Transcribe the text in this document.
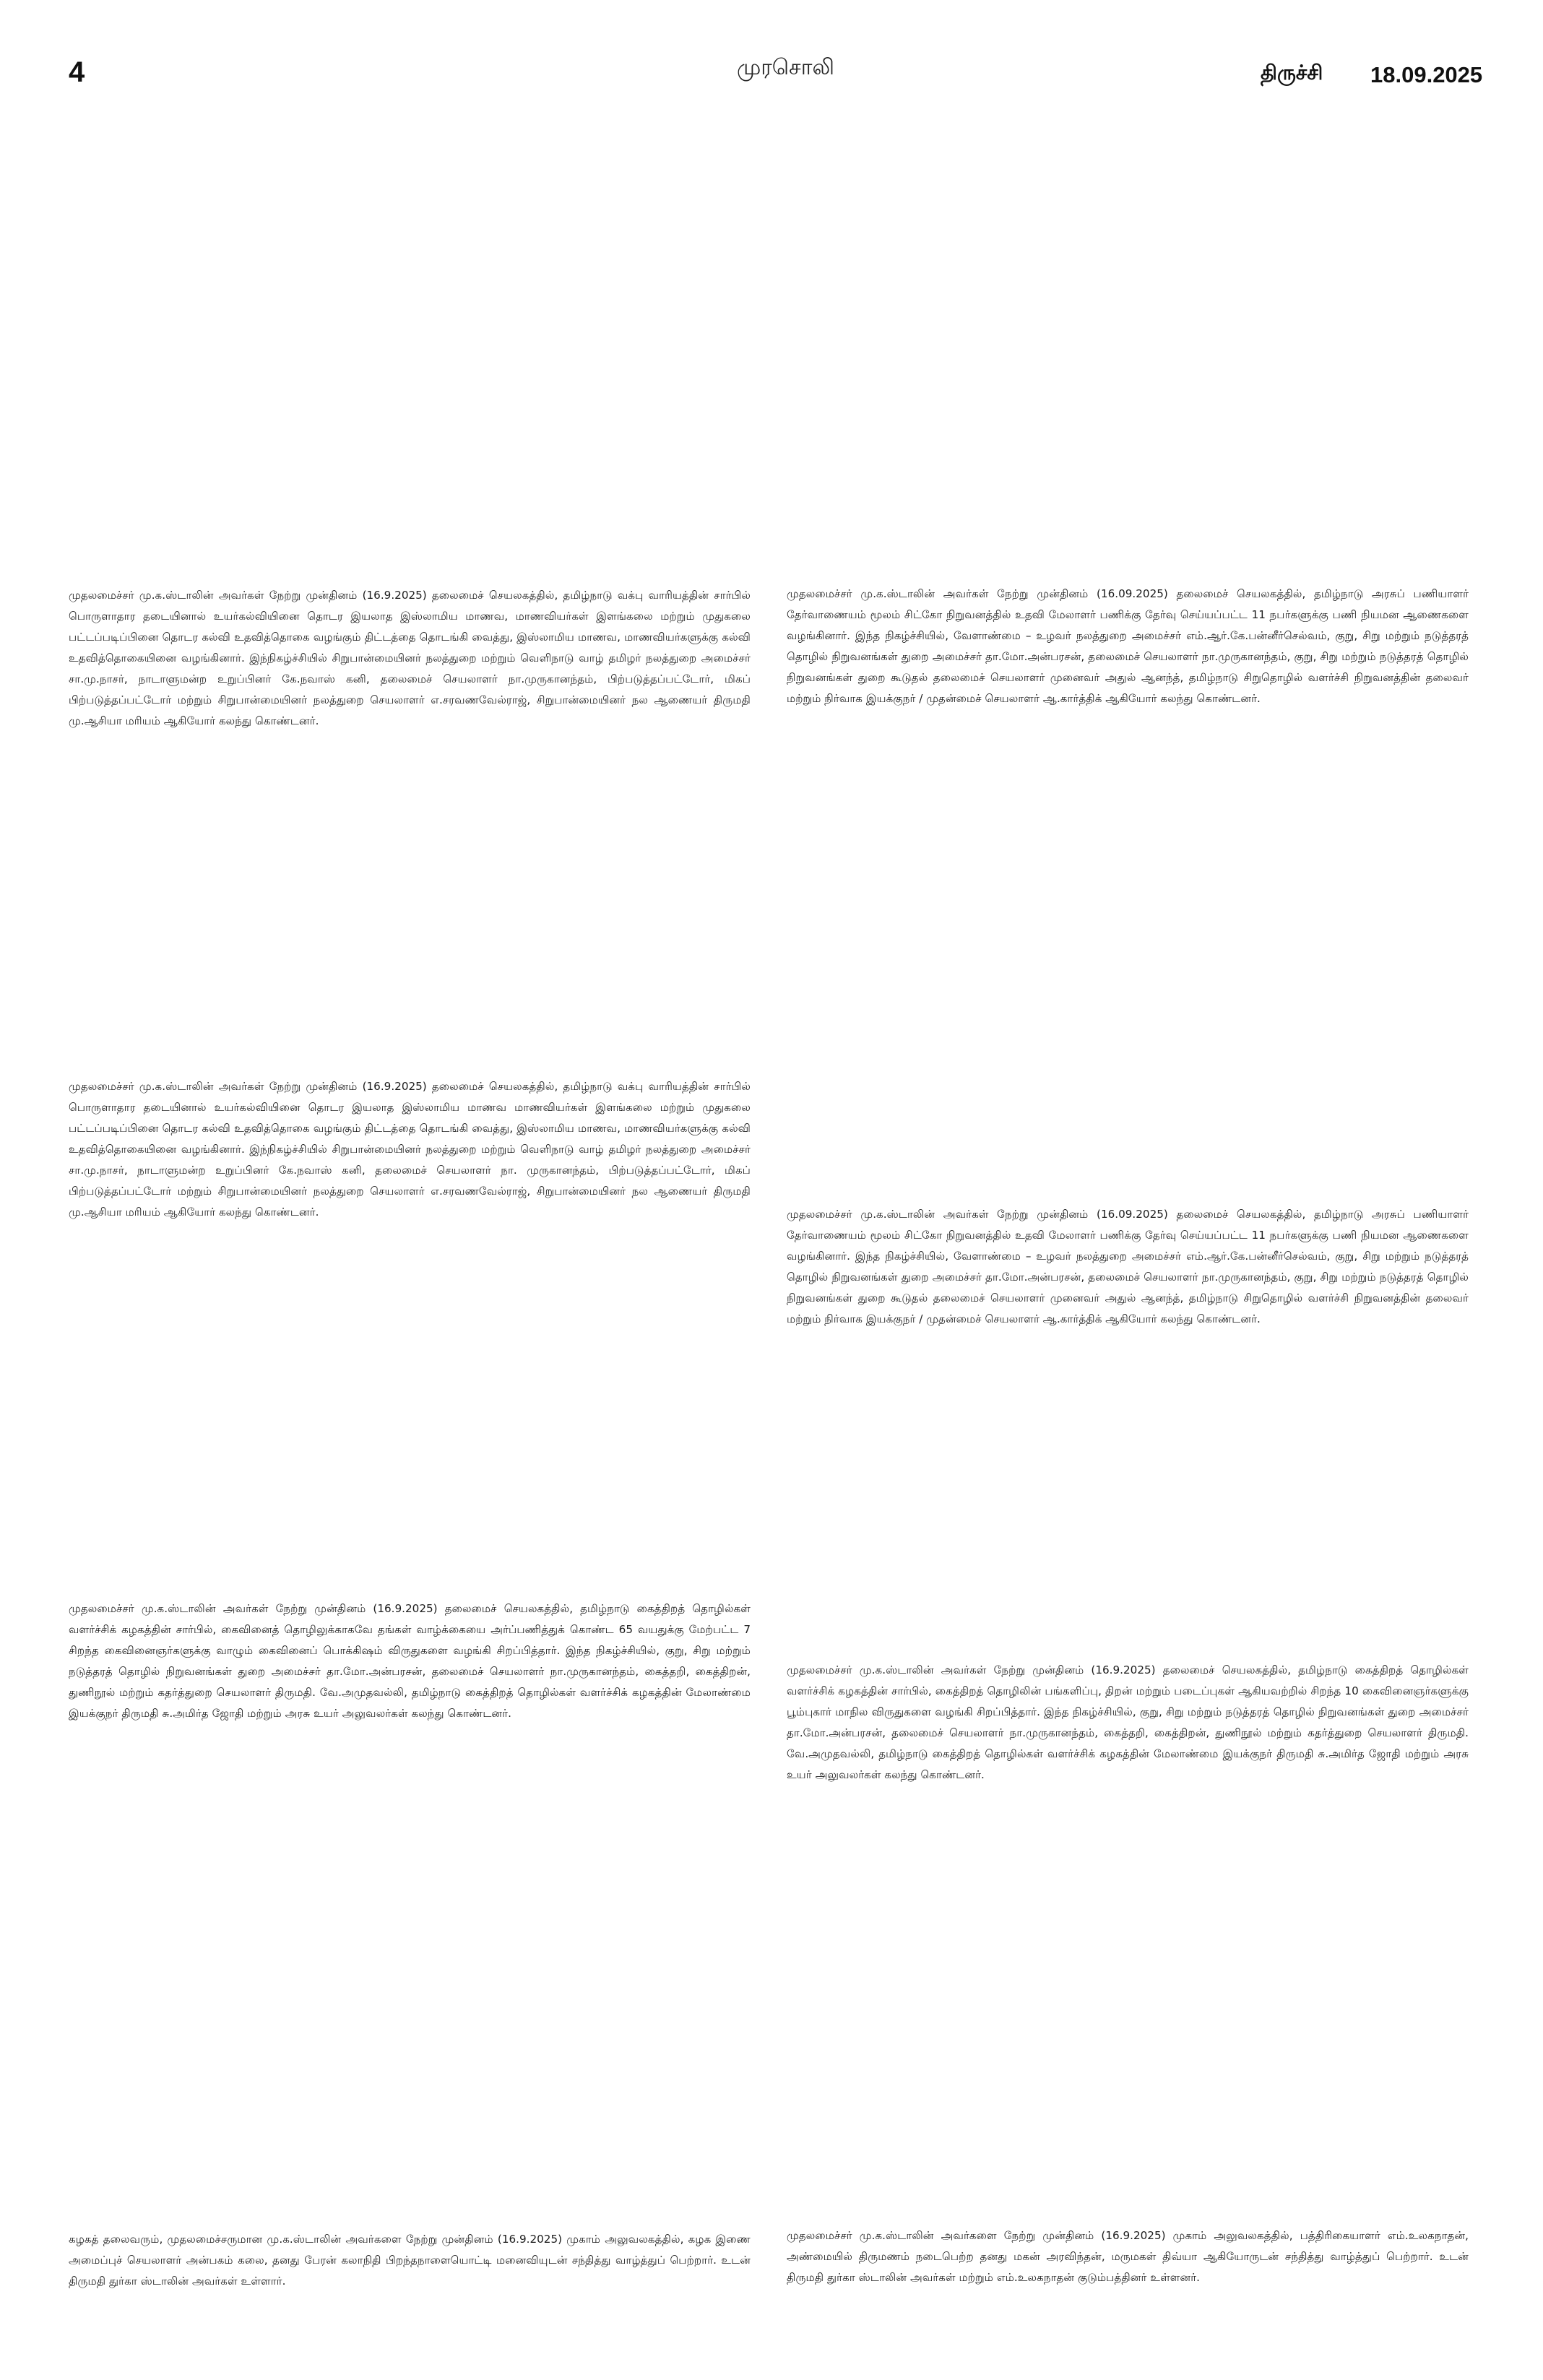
4	முரசொலி	திருச்சி 18.09.2025
முதலமைச்சர் மு.க.ஸ்டாலின் அவர்கள் நேற்று முன்தினம் (16.9.2025) தலைமைச் செயலகத்தில், தமிழ்நாடு வக்பு வாரியத்தின் சார்பில் பொருளாதார தடையினால் உயர்கல்வியினை தொடர இயலாத இஸ்லாமிய மாணவ, மாணவியர்கள் இளங்கலை மற்றும் முதுகலை பட்டப்படிப்பினை தொடர கல்வி உதவித்தொகை வழங்கும் திட்டத்தை தொடங்கி வைத்து, இஸ்லாமிய மாணவ, மாணவியர்களுக்கு கல்வி உதவித்தொகையினை வழங்கினார். இந்நிகழ்ச்சியில் சிறுபான்மையினர் நலத்துறை மற்றும் வெளிநாடு வாழ் தமிழர் நலத்துறை அமைச்சர் சா.மு.நாசர், நாடாளுமன்ற உறுப்பினர் கே.நவாஸ் கனி, தலைமைச் செயலாளர் நா.முருகானந்தம், பிற்படுத்தப்பட்டோர், மிகப் பிற்படுத்தப்பட்டோர் மற்றும் சிறுபான்மையினர் நலத்துறை செயலாளர் எ.சரவணவேல்ராஜ், சிறுபான்மையினர் நல ஆணையர் திருமதி மு.ஆசியா மரியம் ஆகியோர் கலந்து கொண்டனர்.
முதலமைச்சர் மு.க.ஸ்டாலின் அவர்கள் நேற்று முன்தினம் (16.09.2025) தலைமைச் செயலகத்தில், தமிழ்நாடு அரசுப் பணியாளர் தேர்வாணையம் மூலம் சிட்கோ நிறுவனத்தில் உதவி மேலாளர் பணிக்கு தேர்வு செய்யப்பட்ட 11 நபர்களுக்கு பணி நியமன ஆணைகளை வழங்கினார். இந்த நிகழ்ச்சியில், வேளாண்மை – உழவர் நலத்துறை அமைச்சர் எம்.ஆர்.கே.பன்னீர்செல்வம், குறு, சிறு மற்றும் நடுத்தரத் தொழில் நிறுவனங்கள் துறை அமைச்சர் தா.மோ.அன்பரசன், தலைமைச் செயலாளர் நா.முருகானந்தம், குறு, சிறு மற்றும் நடுத்தரத் தொழில் நிறுவனங்கள் துறை கூடுதல் தலைமைச் செயலாளர் முனைவர் அதுல் ஆனந்த், தமிழ்நாடு சிறுதொழில் வளர்ச்சி நிறுவனத்தின் தலைவர் மற்றும் நிர்வாக இயக்குநர் / முதன்மைச் செயலாளர் ஆ.கார்த்திக் ஆகியோர் கலந்து கொண்டனர்.
முதலமைச்சர் மு.க.ஸ்டாலின் அவர்கள் நேற்று முன்தினம் (16.9.2025) தலைமைச் செயலகத்தில், தமிழ்நாடு வக்பு வாரியத்தின் சார்பில் பொருளாதார தடையினால் உயர்கல்வியினை தொடர இயலாத இஸ்லாமிய மாணவ மாணவியர்கள் இளங்கலை மற்றும் முதுகலை பட்டப்படிப்பினை தொடர கல்வி உதவித்தொகை வழங்கும் திட்டத்தை தொடங்கி வைத்து, இஸ்லாமிய மாணவ, மாணவியர்களுக்கு கல்வி உதவித்தொகையினை வழங்கினார். இந்நிகழ்ச்சியில் சிறுபான்மையினர் நலத்துறை மற்றும் வெளிநாடு வாழ் தமிழர் நலத்துறை அமைச்சர் சா.மு.நாசர், நாடாளுமன்ற உறுப்பினர் கே.நவாஸ் கனி, தலைமைச் செயலாளர் நா. முருகானந்தம், பிற்படுத்தப்பட்டோர், மிகப் பிற்படுத்தப்பட்டோர் மற்றும் சிறுபான்மையினர் நலத்துறை செயலாளர் எ.சரவணவேல்ராஜ், சிறுபான்மையினர் நல ஆணையர் திருமதி மு.ஆசியா மரியம் ஆகியோர் கலந்து கொண்டனர்.	முதலமைச்சர் மு.க.ஸ்டாலின் அவர்கள் நேற்று முன்தினம் (16.09.2025) தலைமைச் செயலகத்தில், தமிழ்நாடு அரசுப் பணியாளர் தேர்வாணையம் மூலம் சிட்கோ நிறுவனத்தில் உதவி மேலாளர் பணிக்கு தேர்வு செய்யப்பட்ட 11 நபர்களுக்கு பணி நியமன ஆணைகளை வழங்கினார். இந்த நிகழ்ச்சியில், வேளாண்மை – உழவர் நலத்துறை அமைச்சர் எம்.ஆர்.கே.பன்னீர்செல்வம், குறு, சிறு மற்றும் நடுத்தரத் தொழில் நிறுவனங்கள் துறை அமைச்சர் தா.மோ.அன்பரசன், தலைமைச் செயலாளர் நா.முருகானந்தம், குறு, சிறு மற்றும் நடுத்தரத் தொழில் நிறுவனங்கள் துறை கூடுதல் தலைமைச் செயலாளர் முனைவர் அதுல் ஆனந்த், தமிழ்நாடு சிறுதொழில் வளர்ச்சி நிறுவனத்தின் தலைவர் மற்றும் நிர்வாக இயக்குநர் / முதன்மைச் செயலாளர் ஆ.கார்த்திக் ஆகியோர் கலந்து கொண்டனர்.
முதலமைச்சர் மு.க.ஸ்டாலின் அவர்கள் நேற்று முன்தினம் (16.9.2025) தலைமைச் செயலகத்தில், தமிழ்நாடு கைத்திறத் தொழில்கள் வளர்ச்சிக் கழகத்தின் சார்பில், கைவினைத் தொழிலுக்காகவே தங்கள் வாழ்க்கையை அர்ப்பணித்துக் கொண்ட 65 வயதுக்கு மேற்பட்ட 7 சிறந்த கைவினைஞர்களுக்கு வாழும் கைவினைப் பொக்கிஷம் விருதுகளை வழங்கி சிறப்பித்தார். இந்த நிகழ்ச்சியில், குறு, சிறு மற்றும் நடுத்தரத் தொழில் நிறுவனங்கள் துறை அமைச்சர் தா.மோ.அன்பரசன், தலைமைச் செயலாளர் நா.முருகானந்தம், கைத்தறி, கைத்திறன், துணிநூல் மற்றும் கதர்த்துறை செயலாளர் திருமதி. வே.அமுதவல்லி, தமிழ்நாடு கைத்திறத் தொழில்கள் வளர்ச்சிக் கழகத்தின் மேலாண்மை இயக்குநர் திருமதி சு.அமிர்த ஜோதி மற்றும் அரசு உயர் அலுவலர்கள் கலந்து கொண்டனர்.
முதலமைச்சர் மு.க.ஸ்டாலின் அவர்கள் நேற்று முன்தினம் (16.9.2025) தலைமைச் செயலகத்தில், தமிழ்நாடு கைத்திறத் தொழில்கள் வளர்ச்சிக் கழகத்தின் சார்பில், கைத்திறத் தொழிலின் பங்களிப்பு, திறன் மற்றும் படைப்புகள் ஆகியவற்றில் சிறந்த 10 கைவினைஞர்களுக்கு பூம்புகார் மாநில விருதுகளை வழங்கி சிறப்பித்தார். இந்த நிகழ்ச்சியில், குறு, சிறு மற்றும் நடுத்தரத் தொழில் நிறுவனங்கள் துறை அமைச்சர் தா.மோ.அன்பரசன், தலைமைச் செயலாளர் நா.முருகானந்தம், கைத்தறி, கைத்திறன், துணிநூல் மற்றும் கதர்த்துறை செயலாளர் திருமதி. வே.அமுதவல்லி, தமிழ்நாடு கைத்திறத் தொழில்கள் வளர்ச்சிக் கழகத்தின் மேலாண்மை இயக்குநர் திருமதி சு.அமிர்த ஜோதி மற்றும் அரசு உயர் அலுவலர்கள் கலந்து கொண்டனர்.
கழகத் தலைவரும், முதலமைச்சருமான மு.க.ஸ்டாலின் அவர்களை நேற்று முன்தினம் (16.9.2025) முகாம் அலுவலகத்தில், கழக இணை அமைப்புச் செயலாளர் அன்பகம் கலை, தனது பேரன் கலாநிதி பிறந்தநாளையொட்டி மனைவியுடன் சந்தித்து வாழ்த்துப் பெற்றார். உடன் திருமதி துர்கா ஸ்டாலின் அவர்கள் உள்ளார்.
முதலமைச்சர் மு.க.ஸ்டாலின் அவர்களை நேற்று முன்தினம் (16.9.2025) முகாம் அலுவலகத்தில், பத்திரிகையாளர் எம்.உலகநாதன், அண்மையில் திருமணம் நடைபெற்ற தனது மகன் அரவிந்தன், மருமகள் திவ்யா ஆகியோருடன் சந்தித்து வாழ்த்துப் பெற்றார். உடன் திருமதி துர்கா ஸ்டாலின் அவர்கள் மற்றும் எம்.உலகநாதன் குடும்பத்தினர் உள்ளனர்.
